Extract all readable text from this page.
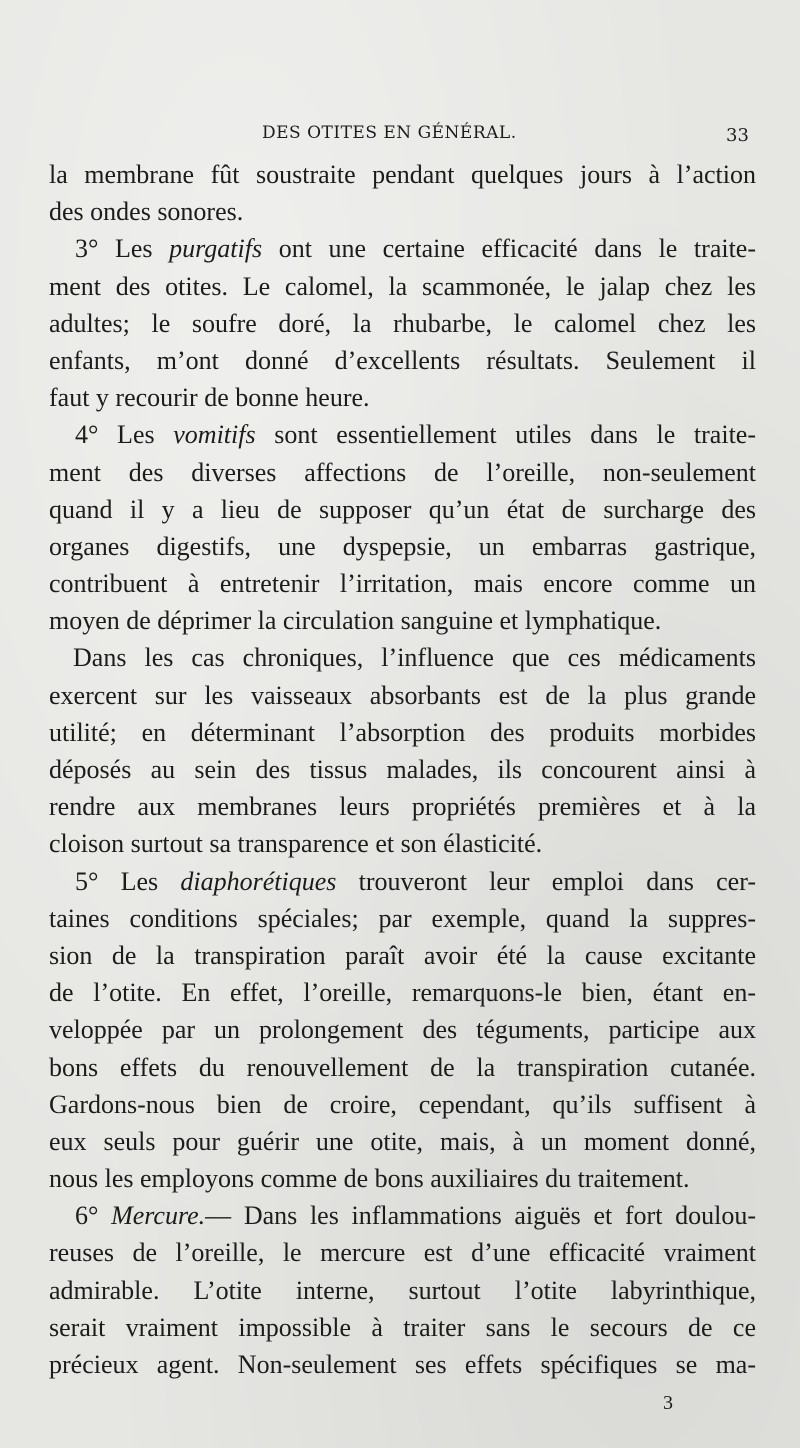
DES OTITES EN GÉNÉRAL.	33
la membrane fût soustraite pendant quelques jours à l’action
des ondes sonores.
3° Les purgatifs ont une certaine efficacité dans le traite-
ment des otites. Le calomel, la scammonée, le jalap chez les
adultes; le soufre doré, la rhubarbe, le calomel chez les
enfants, m’ont donné d’excellents résultats. Seulement il
faut y recourir de bonne heure.
4° Les vomitifs sont essentiellement utiles dans le traite-
ment des diverses affections de l’oreille, non-seulement
quand il y a lieu de supposer qu’un état de surcharge des
organes digestifs, une dyspepsie, un embarras gastrique,
contribuent à entretenir l’irritation, mais encore comme un
moyen de déprimer la circulation sanguine et lymphatique.
Dans les cas chroniques, l’influence que ces médicaments
exercent sur les vaisseaux absorbants est de la plus grande
utilité; en déterminant l’absorption des produits morbides
déposés au sein des tissus malades, ils concourent ainsi à
rendre aux membranes leurs propriétés premières et à la
cloison surtout sa transparence et son élasticité.
5° Les diaphorétiques trouveront leur emploi dans cer-
taines conditions spéciales; par exemple, quand la suppres-
sion de la transpiration paraît avoir été la cause excitante
de l’otite. En effet, l’oreille, remarquons-le bien, étant en-
veloppée par un prolongement des téguments, participe aux
bons effets du renouvellement de la transpiration cutanée.
Gardons-nous bien de croire, cependant, qu’ils suffisent à
eux seuls pour guérir une otite, mais, à un moment donné,
nous les employons comme de bons auxiliaires du traitement.
6° Mercure.— Dans les inflammations aiguës et fort doulou-
reuses de l’oreille, le mercure est d’une efficacité vraiment
admirable. L’otite interne, surtout l’otite labyrinthique,
serait vraiment impossible à traiter sans le secours de ce
précieux agent. Non-seulement ses effets spécifiques se ma-
3
